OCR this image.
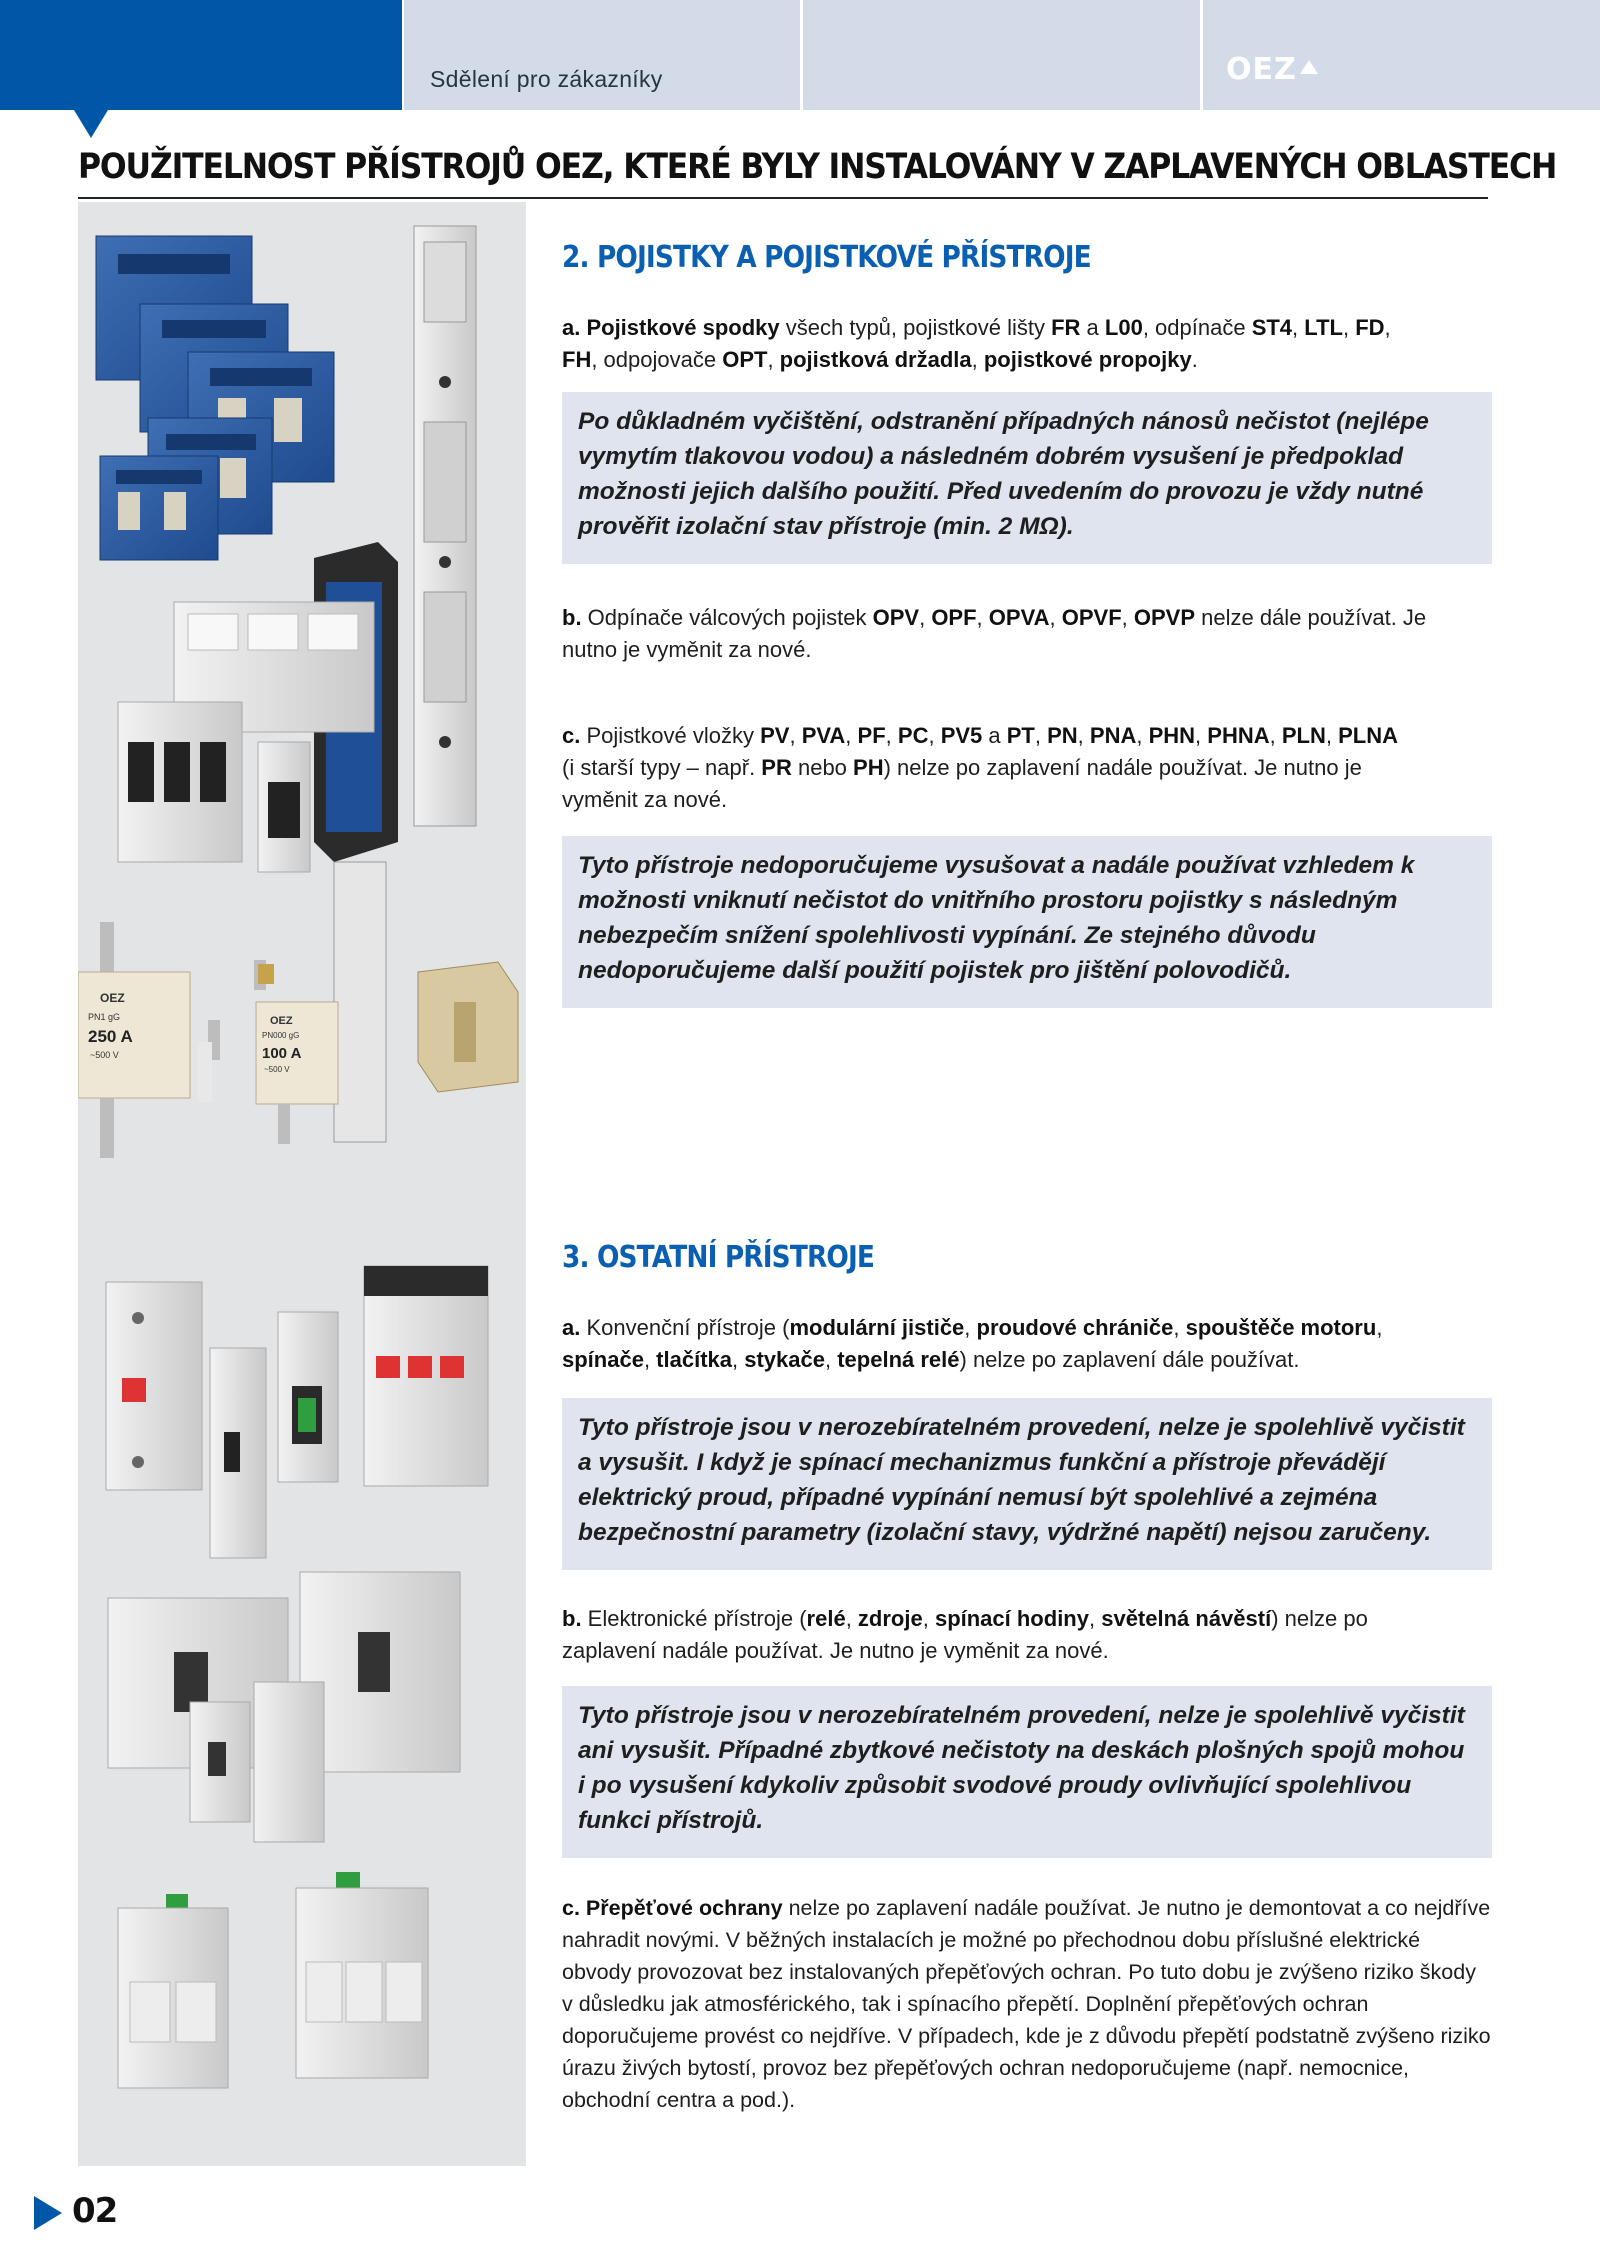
Sdělení pro zákazníky	OEZ
POUŽITELNOST PŘÍSTROJŮ OEZ, KTERÉ BYLY INSTALOVÁNY V ZAPLAVENÝCH OBLASTECH
OEZ
PN1 gG
250 A
~500 V
OEZ
PN000 gG
100 A
~500 V
2. POJISTKY A POJISTKOVÉ PŘÍSTROJE
a. Pojistkové spodky všech typů, pojistkové lišty FR a L00, odpínače ST4, LTL, FD,
FH, odpojovače OPT, pojistková držadla, pojistkové propojky.
Po důkladném vyčištění, odstranění případných nánosů nečistot (nejlépe vymytím tlakovou vodou) a následném dobrém vysušení je předpoklad možnosti jejich dalšího použití. Před uvedením do provozu je vždy nutné prověřit izolační stav přístroje (min. 2 MΩ).
b. Odpínače válcových pojistek OPV, OPF, OPVA, OPVF, OPVP nelze dále používat. Je
nutno je vyměnit za nové.
c. Pojistkové vložky PV, PVA, PF, PC, PV5 a PT, PN, PNA, PHN, PHNA, PLN, PLNA
(i starší typy – např. PR nebo PH) nelze po zaplavení nadále používat. Je nutno je
vyměnit za nové.
Tyto přístroje nedoporučujeme vysušovat a nadále používat vzhledem k možnosti vniknutí nečistot do vnitřního prostoru pojistky s následným nebezpečím snížení spolehlivosti vypínání. Ze stejného důvodu nedoporučujeme další použití pojistek pro jištění polovodičů.
3. OSTATNÍ PŘÍSTROJE
a. Konvenční přístroje (modulární jističe, proudové chrániče, spouštěče motoru,
spínače, tlačítka, stykače, tepelná relé) nelze po zaplavení dále používat.
Tyto přístroje jsou v nerozebíratelném provedení, nelze je spolehlivě vyčistit a vysušit. I když je spínací mechanizmus funkční a přístroje převádějí elektrický proud, případné vypínání nemusí být spolehlivé a zejména bezpečnostní parametry (izolační stavy, výdržné napětí) nejsou zaručeny.
b. Elektronické přístroje (relé, zdroje, spínací hodiny, světelná návěstí) nelze po
zaplavení nadále používat. Je nutno je vyměnit za nové.
Tyto přístroje jsou v nerozebíratelném provedení, nelze je spolehlivě vyčistit ani vysušit. Případné zbytkové nečistoty na deskách plošných spojů mohou i po vysušení kdykoliv způsobit svodové proudy ovlivňující spolehlivou funkci přístrojů.
c. Přepěťové ochrany nelze po zaplavení nadále používat. Je nutno je demontovat a co nejdříve nahradit novými. V běžných instalacích je možné po přechodnou dobu příslušné elektrické obvody provozovat bez instalovaných přepěťových ochran. Po tuto dobu je zvýšeno riziko škody v důsledku jak atmosférického, tak i spínacího přepětí. Doplnění přepěťových ochran doporučujeme provést co nejdříve. V případech, kde je z důvodu přepětí podstatně zvýšeno riziko úrazu živých bytostí, provoz bez přepěťových ochran nedoporučujeme (např. nemocnice, obchodní centra a pod.).
02
